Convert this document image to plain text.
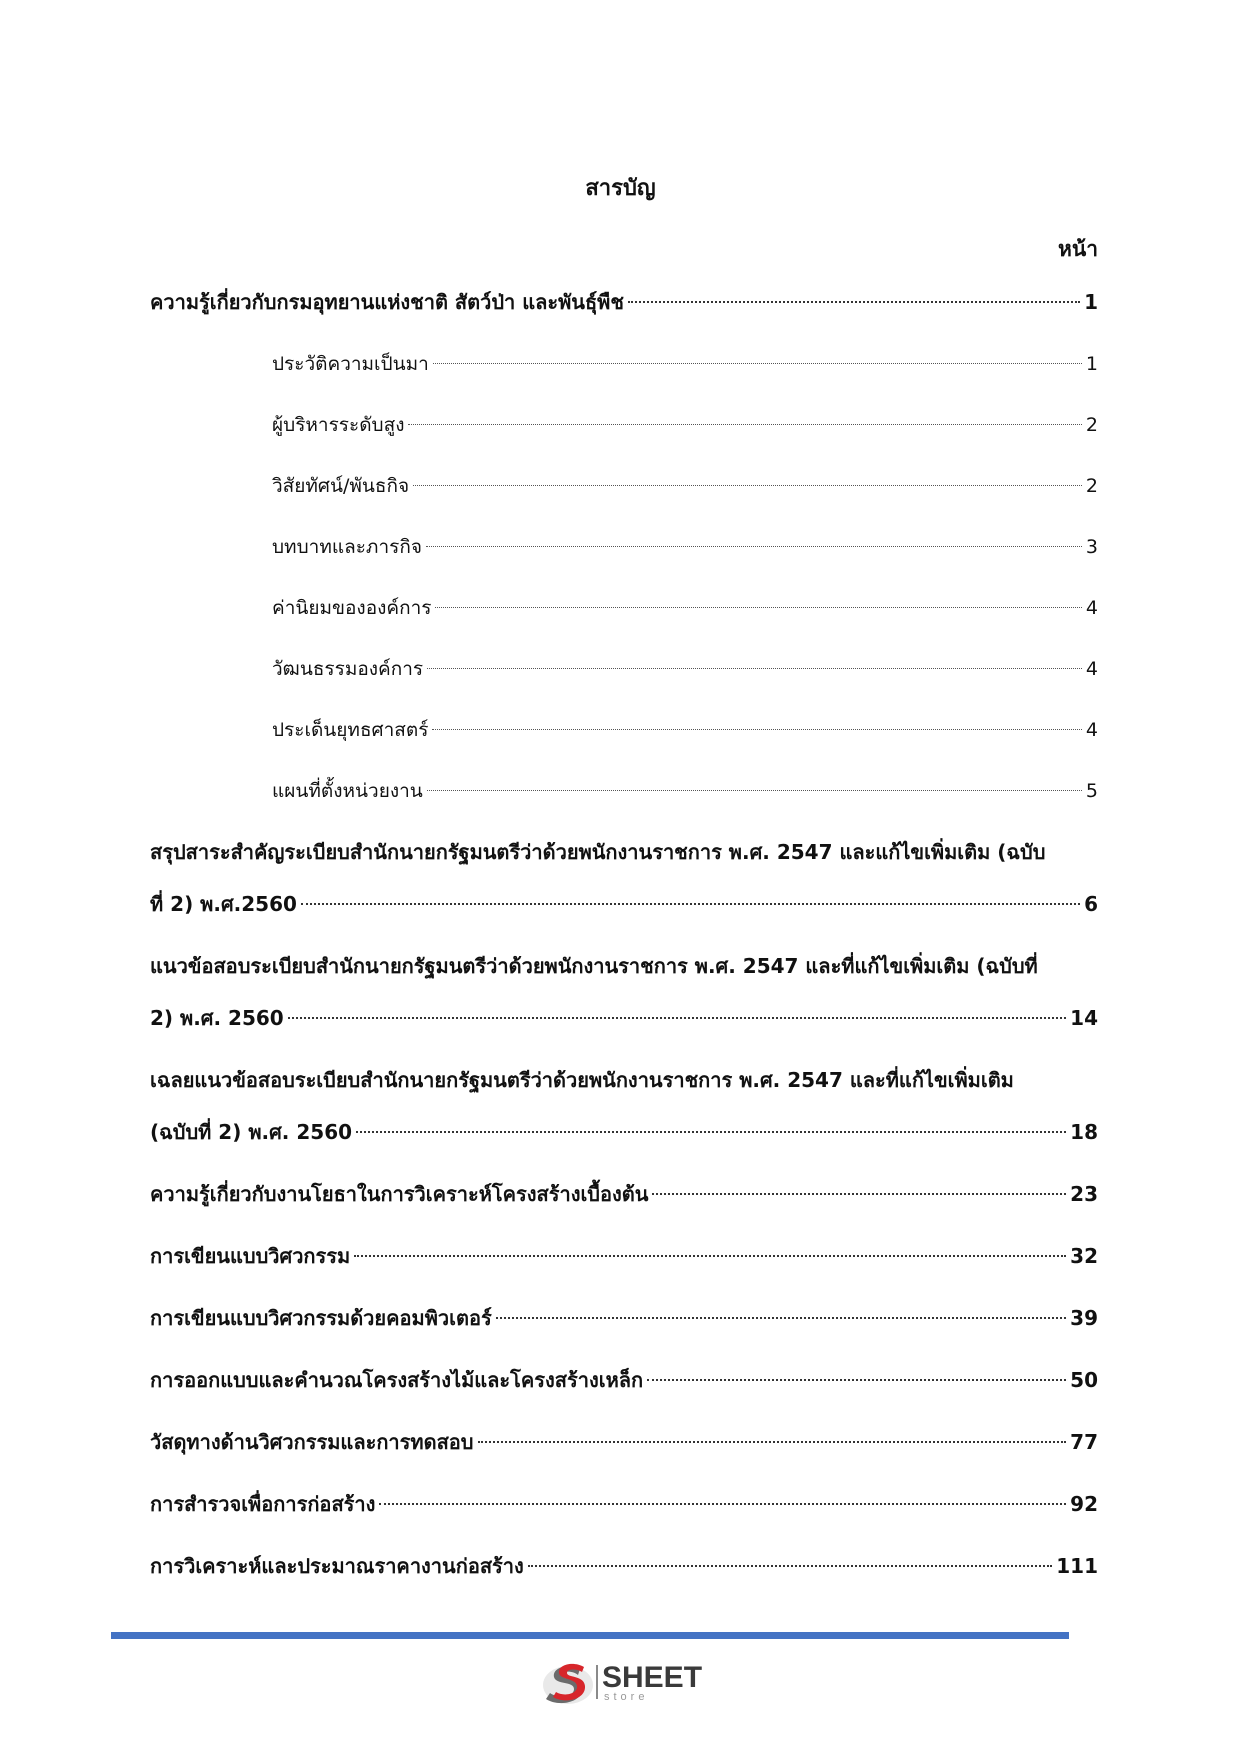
สารบัญ
หน้า
ความรู้เกี่ยวกับกรมอุทยานแห่งชาติ สัตว์ป่า และพันธุ์พืช	1
ประวัติความเป็นมา	1
ผู้บริหารระดับสูง	2
วิสัยทัศน์/พันธกิจ	2
บทบาทและภารกิจ	3
ค่านิยมขององค์การ	4
วัฒนธรรมองค์การ	4
ประเด็นยุทธศาสตร์	4
แผนที่ตั้งหน่วยงาน	5
สรุปสาระสำคัญระเบียบสำนักนายกรัฐมนตรีว่าด้วยพนักงานราชการ พ.ศ. 2547 และแก้ไขเพิ่มเติม (ฉบับ
ที่ 2) พ.ศ.2560	6
แนวข้อสอบระเบียบสำนักนายกรัฐมนตรีว่าด้วยพนักงานราชการ พ.ศ. 2547 และที่แก้ไขเพิ่มเติม (ฉบับที่
2) พ.ศ. 2560	14
เฉลยแนวข้อสอบระเบียบสำนักนายกรัฐมนตรีว่าด้วยพนักงานราชการ พ.ศ. 2547 และที่แก้ไขเพิ่มเติม
(ฉบับที่ 2) พ.ศ. 2560	18
ความรู้เกี่ยวกับงานโยธาในการวิเคราะห์โครงสร้างเบื้องต้น	23
การเขียนแบบวิศวกรรม	32
การเขียนแบบวิศวกรรมด้วยคอมพิวเตอร์	39
การออกแบบและคำนวณโครงสร้างไม้และโครงสร้างเหล็ก	50
วัสดุทางด้านวิศวกรรมและการทดสอบ	77
การสำรวจเพื่อการก่อสร้าง	92
การวิเคราะห์และประมาณราคางานก่อสร้าง	111
SHEET
store
